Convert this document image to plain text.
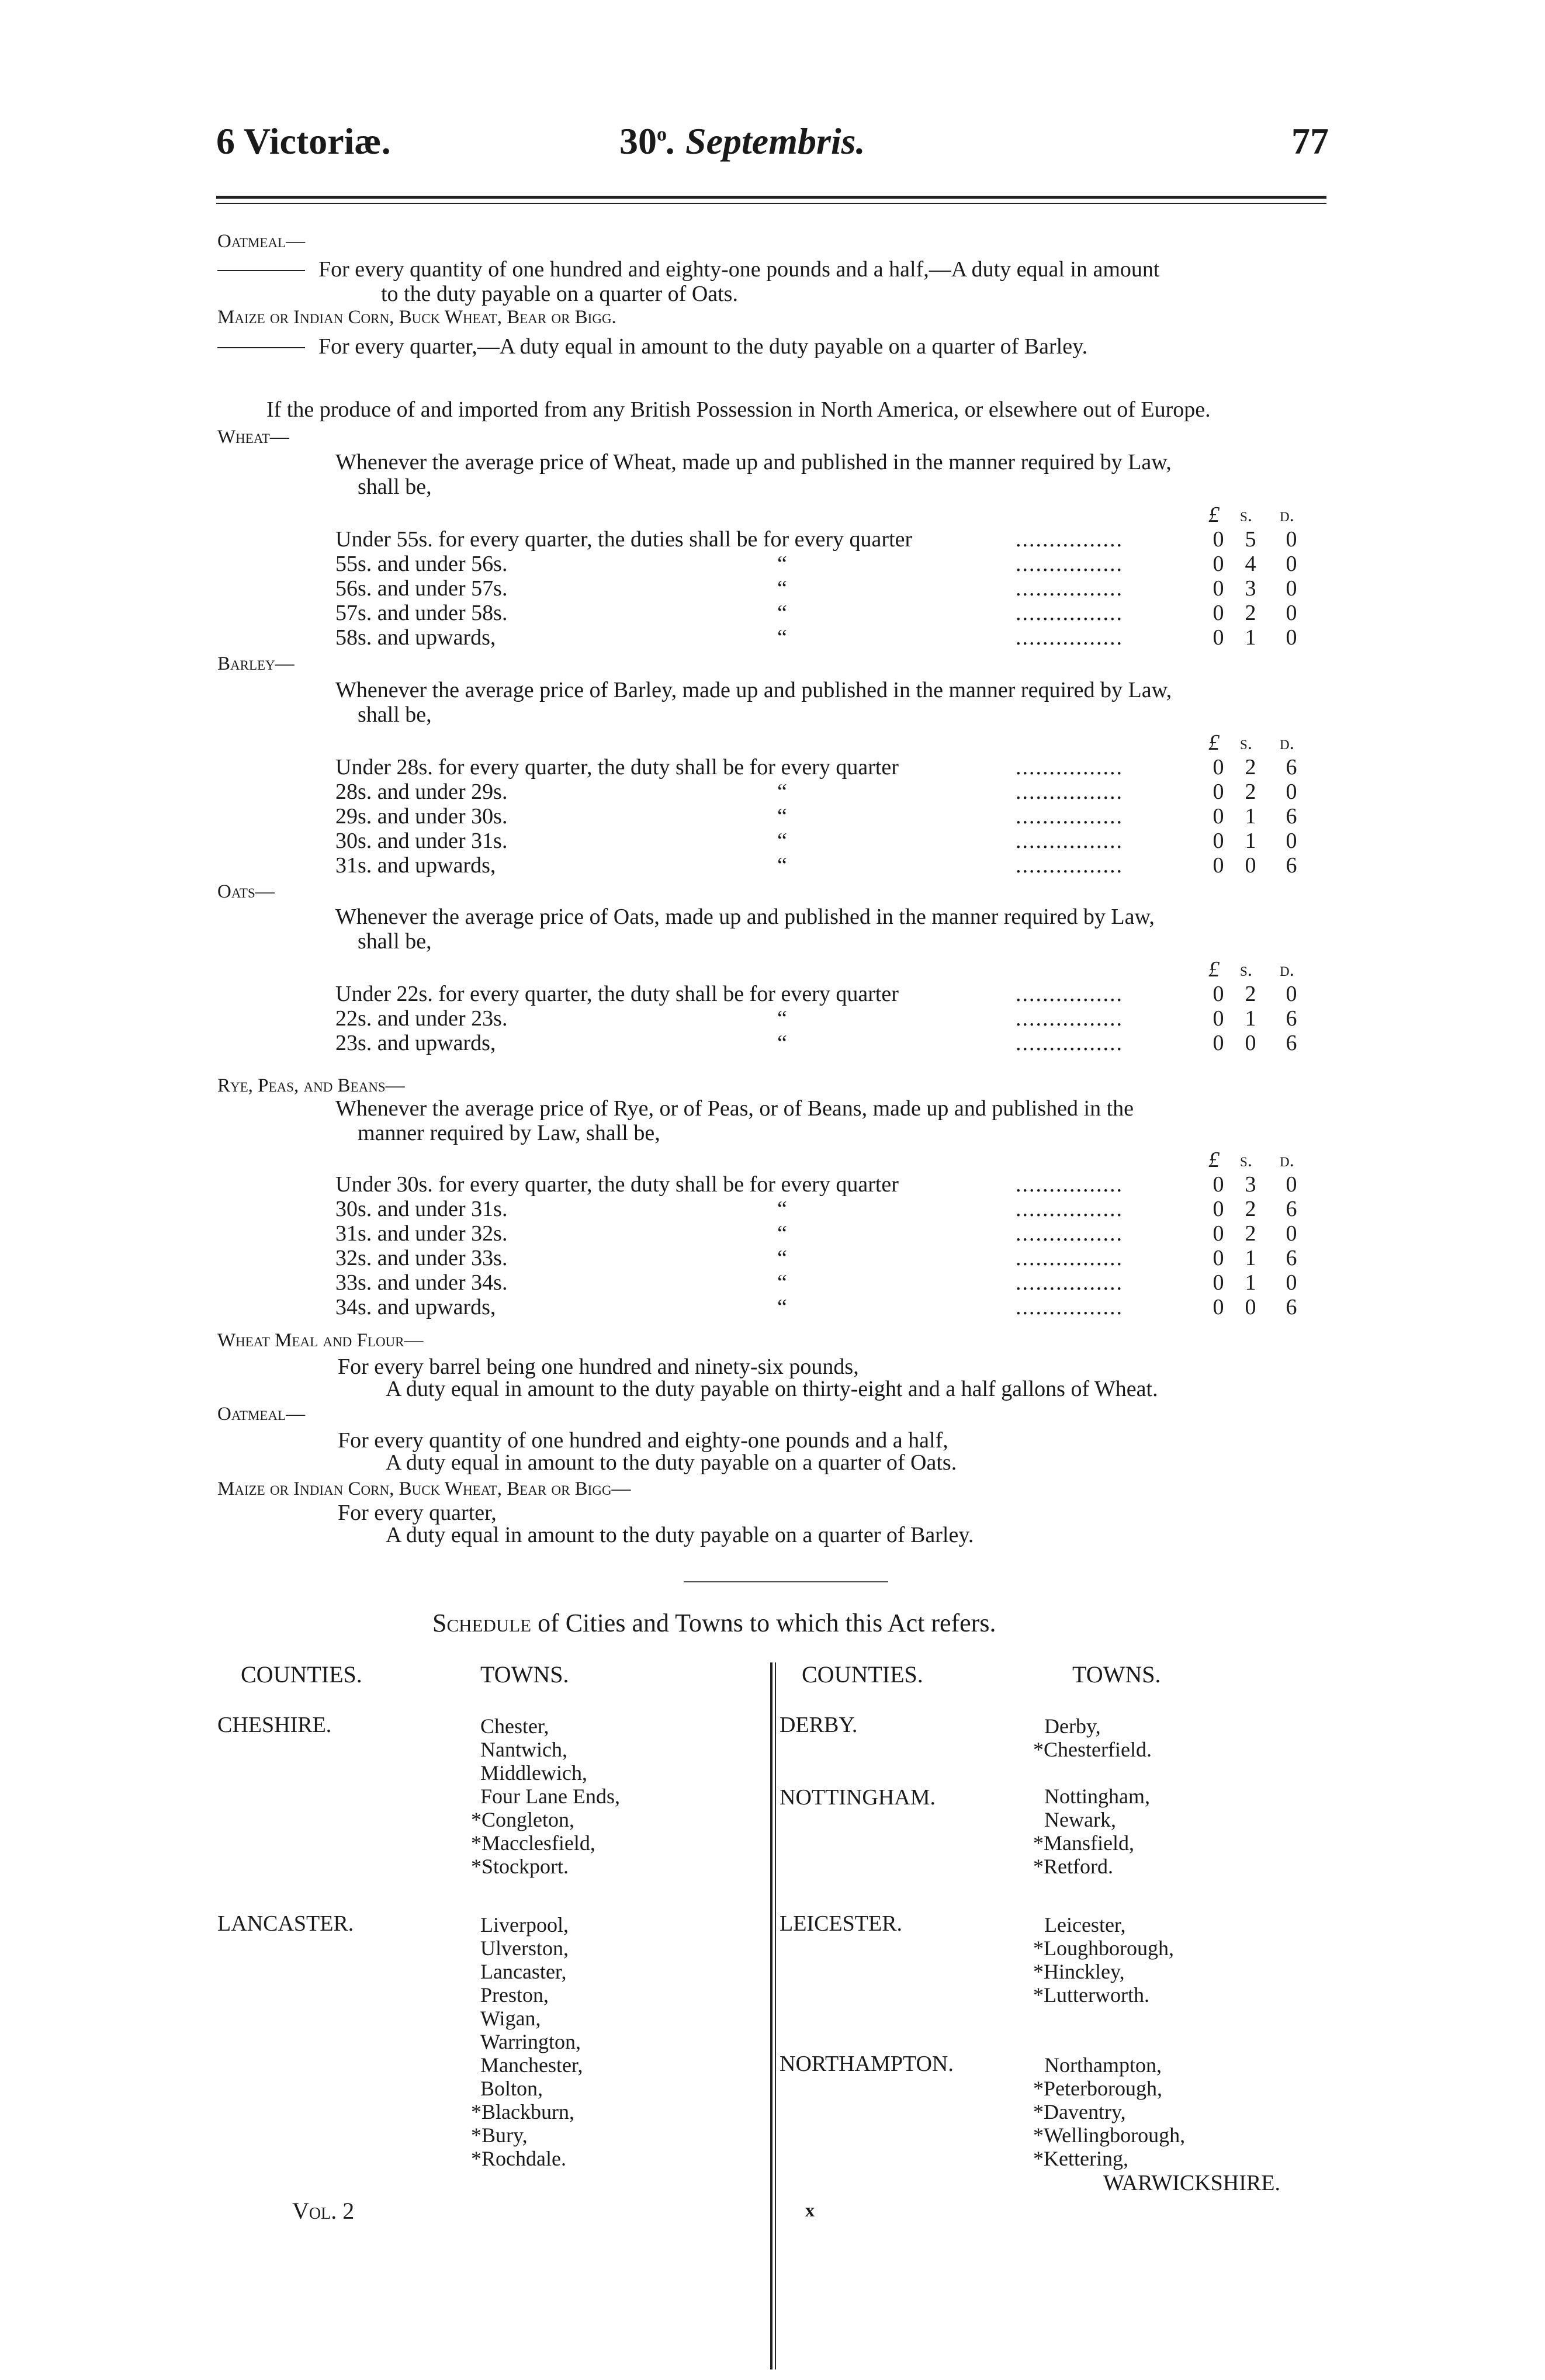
6 Victoriæ.	30$^o$. Septembris.	77
Oatmeal—
For every quantity of one hundred and eighty-one pounds and a half,—A duty equal in amount
to the duty payable on a quarter of Oats.
Maize or Indian Corn, Buck Wheat, Bear or Bigg.
For every quarter,—A duty equal in amount to the duty payable on a quarter of Barley.
If the produce of and imported from any British Possession in North America, or elsewhere out of Europe.
Wheat—
Whenever the average price of Wheat, made up and published in the manner required by Law,
shall be,
£ s. d.
Under 55s. for every quarter, the duties shall be for every quarter	................	0 5 0
55s. and under 56s.	“	................	0 4 0
56s. and under 57s.	“	................	0 3 0
57s. and under 58s.	“	................	0 2 0
58s. and upwards,	“	................	0 1 0
Barley—
Whenever the average price of Barley, made up and published in the manner required by Law,
shall be,
£ s. d.
Under 28s. for every quarter, the duty shall be for every quarter	................	0 2 6
28s. and under 29s.	“	................	0 2 0
29s. and under 30s.	“	................	0 1 6
30s. and under 31s.	“	................	0 1 0
31s. and upwards,	“	................	0 0 6
Oats—
Whenever the average price of Oats, made up and published in the manner required by Law,
shall be,
£ s. d.
Under 22s. for every quarter, the duty shall be for every quarter	................	0 2 0
22s. and under 23s.	“	................	0 1 6
23s. and upwards,	“	................	0 0 6
Rye, Peas, and Beans—
Whenever the average price of Rye, or of Peas, or of Beans, made up and published in the
manner required by Law, shall be,
£ s. d.
Under 30s. for every quarter, the duty shall be for every quarter	................	0 3 0
30s. and under 31s.	“	................	0 2 6
31s. and under 32s.	“	................	0 2 0
32s. and under 33s.	“	................	0 1 6
33s. and under 34s.	“	................	0 1 0
34s. and upwards,	“	................	0 0 6
Wheat Meal and Flour—
For every barrel being one hundred and ninety-six pounds,
A duty equal in amount to the duty payable on thirty-eight and a half gallons of Wheat.
Oatmeal—
For every quantity of one hundred and eighty-one pounds and a half,
A duty equal in amount to the duty payable on a quarter of Oats.
Maize or Indian Corn, Buck Wheat, Bear or Bigg—
For every quarter,
A duty equal in amount to the duty payable on a quarter of Barley.
Schedule of Cities and Towns to which this Act refers.
COUNTIES.	TOWNS.	COUNTIES.	TOWNS.
CHESHIRE.	Chester,
Nantwich,
Middlewich,
Four Lane Ends,
*Congleton,
*Macclesfield,
*Stockport.
LANCASTER.	Liverpool,
Ulverston,
Lancaster,
Preston,
Wigan,
Warrington,
Manchester,
Bolton,
*Blackburn,
*Bury,
*Rochdale.
DERBY.	Derby,
*Chesterfield.
NOTTINGHAM.	Nottingham,
Newark,
*Mansfield,
*Retford.
LEICESTER.	Leicester,
*Loughborough,
*Hinckley,
*Lutterworth.
NORTHAMPTON.	Northampton,
*Peterborough,
*Daventry,
*Wellingborough,
*Kettering,
WARWICKSHIRE.
Vol. 2	x
